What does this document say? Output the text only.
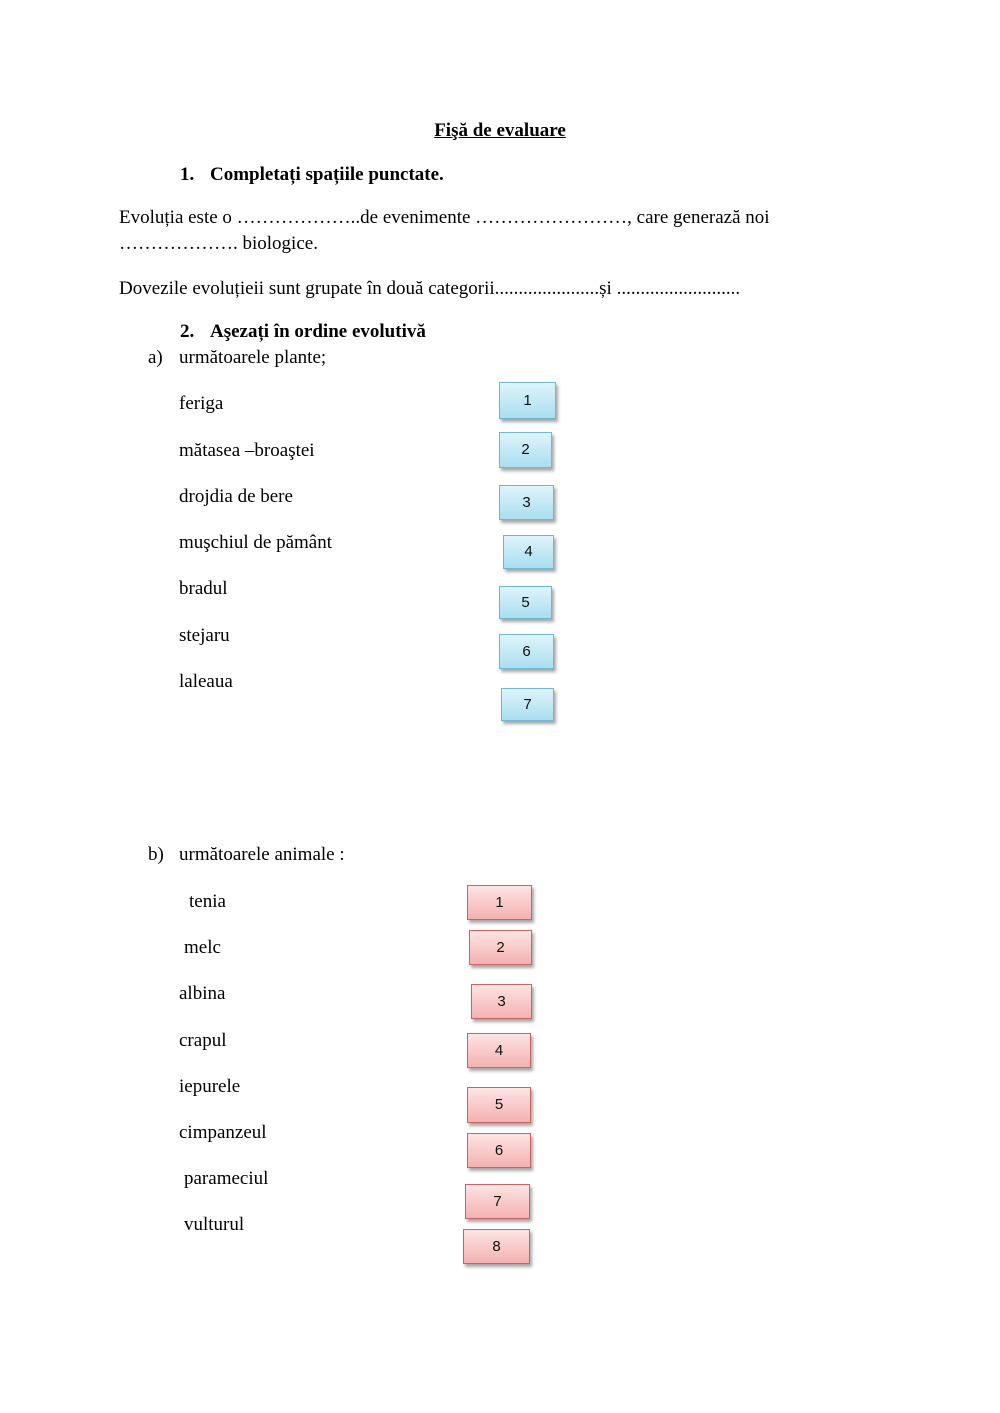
Fişă de evaluare
1. Completați spațiile punctate.
Evoluția este o ………………..de evenimente ……………………, care generază noi
………………. biologice.
Dovezile evoluțieii sunt grupate în două categorii......................și ..........................
2. Aşezați în ordine evolutivă
a) următoarele plante;
feriga
mătasea –broaştei
drojdia de bere
muşchiul de pământ
bradul
stejaru
laleaua
1
2
3
4
5
6
7
b) următoarele animale :
tenia
melc
albina
crapul
iepurele
cimpanzeul
parameciul
vulturul
1
2
3
4
5
6
7
8
